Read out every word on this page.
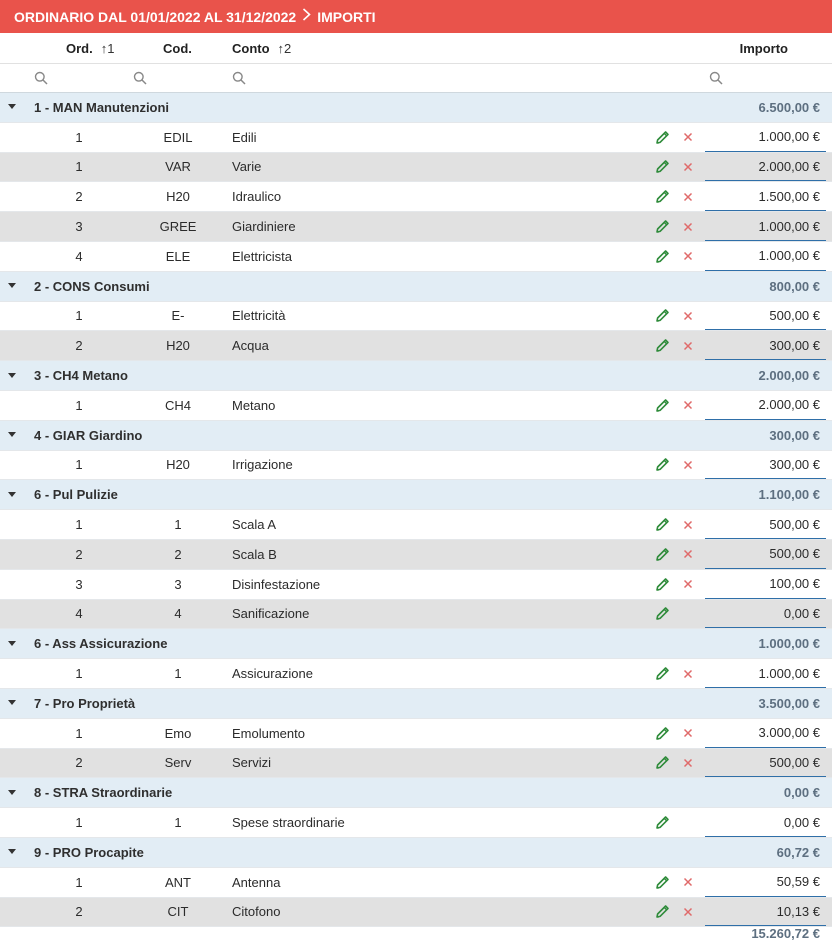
ORDINARIO DAL 01/01/2022 AL 31/12/2022 IMPORTI
Ord. ↑1	Cod.	Conto ↑2	Importo
1 - MAN Manutenzioni	6.500,00 €
1	EDIL	Edili	1.000,00 €
1	VAR	Varie	2.000,00 €
2	H20	Idraulico	1.500,00 €
3	GREE	Giardiniere	1.000,00 €
4	ELE	Elettricista	1.000,00 €
2 - CONS Consumi	800,00 €
1	E-	Elettricità	500,00 €
2	H20	Acqua	300,00 €
3 - CH4 Metano	2.000,00 €
1	CH4	Metano	2.000,00 €
4 - GIAR Giardino	300,00 €
1	H20	Irrigazione	300,00 €
6 - Pul Pulizie	1.100,00 €
1	1	Scala A	500,00 €
2	2	Scala B	500,00 €
3	3	Disinfestazione	100,00 €
4	4	Sanificazione	0,00 €
6 - Ass Assicurazione	1.000,00 €
1	1	Assicurazione	1.000,00 €
7 - Pro Proprietà	3.500,00 €
1	Emo	Emolumento	3.000,00 €
2	Serv	Servizi	500,00 €
8 - STRA Straordinarie	0,00 €
1	1	Spese straordinarie	0,00 €
9 - PRO Procapite	60,72 €
1	ANT	Antenna	50,59 €
2	CIT	Citofono	10,13 €
15.260,72 €
